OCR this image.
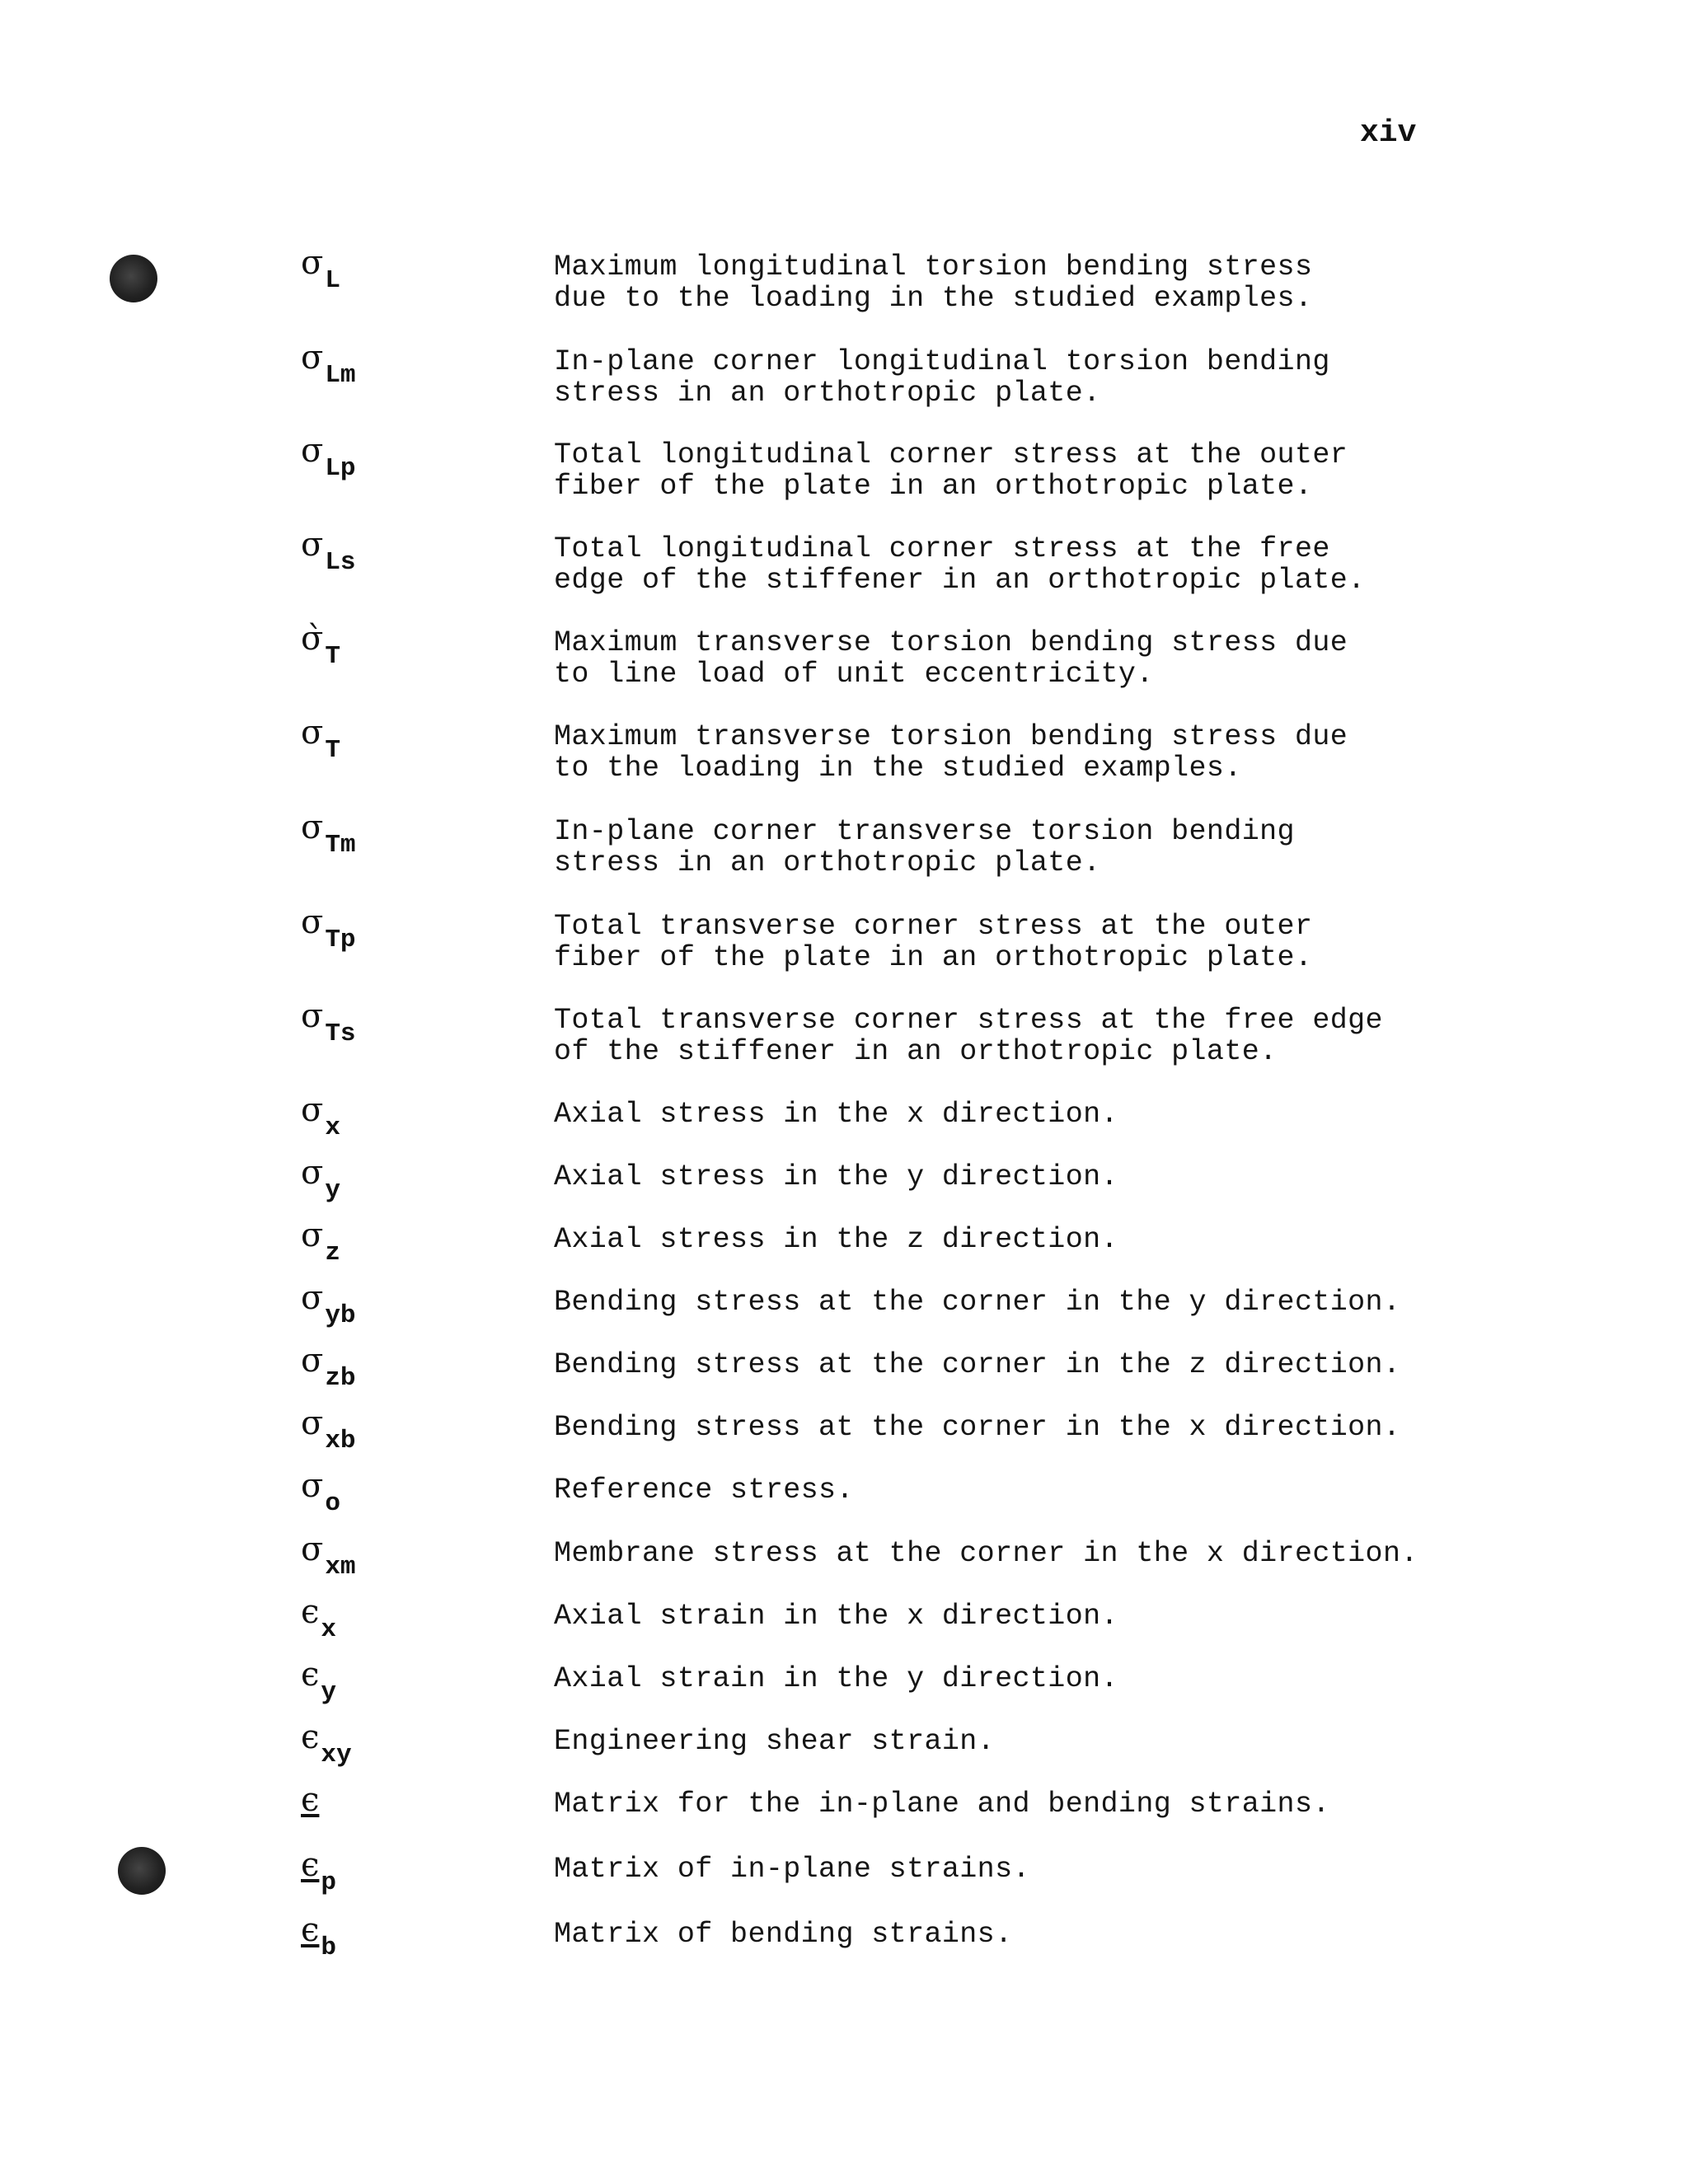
xiv
$\sigma_L$	Maximum longitudinal torsion bending stress
due to the loading in the studied examples.
$\sigma_{Lm}$	In-plane corner longitudinal torsion bending
stress in an orthotropic plate.
$\sigma_{Lp}$	Total longitudinal corner stress at the outer
fiber of the plate in an orthotropic plate.
$\sigma_{Ls}$	Total longitudinal corner stress at the free
edge of the stiffener in an orthotropic plate.
$\sigmà_T$	Maximum transverse torsion bending stress due
to line load of unit eccentricity.
$\sigma_T$	Maximum transverse torsion bending stress due
to the loading in the studied examples.
$\sigma_{Tm}$	In-plane corner transverse torsion bending
stress in an orthotropic plate.
$\sigma_{Tp}$	Total transverse corner stress at the outer
fiber of the plate in an orthotropic plate.
$\sigma_{Ts}$	Total transverse corner stress at the free edge
of the stiffener in an orthotropic plate.
$\sigma_x$	Axial stress in the x direction.
$\sigma_y$	Axial stress in the y direction.
$\sigma_z$	Axial stress in the z direction.
$\sigma_{yb}$	Bending stress at the corner in the y direction.
$\sigma_{zb}$	Bending stress at the corner in the z direction.
$\sigma_{xb}$	Bending stress at the corner in the x direction.
$\sigma_o$	Reference stress.
$\sigma_{xm}$	Membrane stress at the corner in the x direction.
$\epsilon_x$	Axial strain in the x direction.
$\epsilon_y$	Axial strain in the y direction.
$\epsilon_{xy}$	Engineering shear strain.
ϵ	Matrix for the in-plane and bending strains.
$\epsilon_p$	Matrix of in-plane strains.
$\epsilon_b$	Matrix of bending strains.
